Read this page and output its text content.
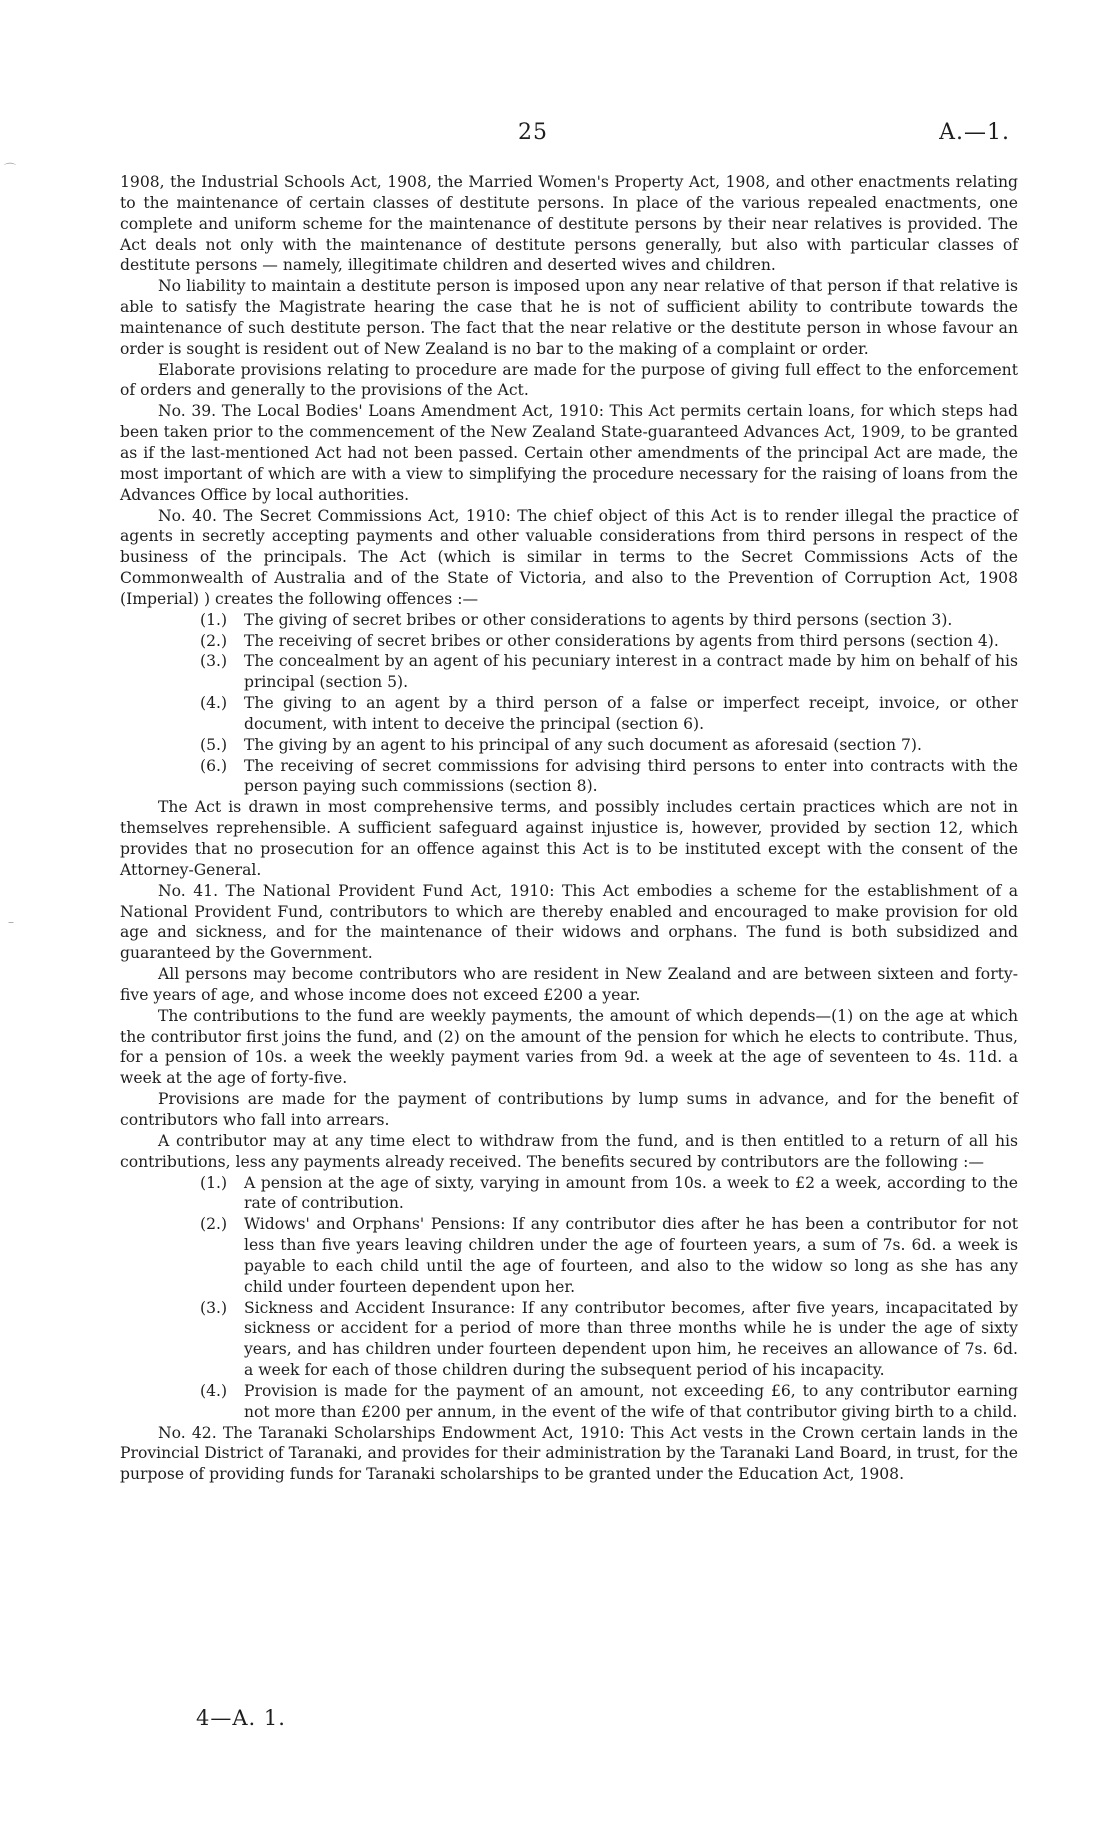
⌒
–
25	A.—1.

1908, the Industrial Schools Act, 1908, the Married Women's Property Act, 1908, and other enactments relating to the maintenance of certain classes of destitute persons. In place of the various repealed enactments, one complete and uniform scheme for the maintenance of destitute persons by their near relatives is provided. The Act deals not only with the maintenance of destitute persons generally, but also with particular classes of destitute persons — namely, illegitimate children and deserted wives and children.

No liability to maintain a destitute person is imposed upon any near relative of that person if that relative is able to satisfy the Magistrate hearing the case that he is not of sufficient ability to contribute towards the maintenance of such destitute person. The fact that the near relative or the destitute person in whose favour an order is sought is resident out of New Zealand is no bar to the making of a complaint or order.

Elaborate provisions relating to procedure are made for the purpose of giving full effect to the enforcement of orders and generally to the provisions of the Act.

No. 39. The Local Bodies' Loans Amendment Act, 1910: This Act permits certain loans, for which steps had been taken prior to the commencement of the New Zealand State-guaranteed Advances Act, 1909, to be granted as if the last-mentioned Act had not been passed. Certain other amendments of the principal Act are made, the most important of which are with a view to simplifying the procedure necessary for the raising of loans from the Advances Office by local authorities.

No. 40. The Secret Commissions Act, 1910: The chief object of this Act is to render illegal the practice of agents in secretly accepting payments and other valuable considerations from third persons in respect of the business of the principals. The Act (which is similar in terms to the Secret Commissions Acts of the Commonwealth of Australia and of the State of Victoria, and also to the Prevention of Corruption Act, 1908 (Imperial) ) creates the following offences :—

(1.) The giving of secret bribes or other considerations to agents by third persons (section 3).
(2.) The receiving of secret bribes or other considerations by agents from third persons (section 4).
(3.) The concealment by an agent of his pecuniary interest in a contract made by him on behalf of his principal (section 5).
(4.) The giving to an agent by a third person of a false or imperfect receipt, invoice, or other document, with intent to deceive the principal (section 6).
(5.) The giving by an agent to his principal of any such document as aforesaid (section 7).
(6.) The receiving of secret commissions for advising third persons to enter into contracts with the person paying such commissions (section 8).

The Act is drawn in most comprehensive terms, and possibly includes certain practices which are not in themselves reprehensible. A sufficient safeguard against injustice is, however, provided by section 12, which provides that no prosecution for an offence against this Act is to be instituted except with the consent of the Attorney-General.

No. 41. The National Provident Fund Act, 1910: This Act embodies a scheme for the establishment of a National Provident Fund, contributors to which are thereby enabled and encouraged to make provision for old age and sickness, and for the maintenance of their widows and orphans. The fund is both subsidized and guaranteed by the Government.

All persons may become contributors who are resident in New Zealand and are between sixteen and forty-five years of age, and whose income does not exceed £200 a year.

The contributions to the fund are weekly payments, the amount of which depends—(1) on the age at which the contributor first joins the fund, and (2) on the amount of the pension for which he elects to contribute. Thus, for a pension of 10s. a week the weekly payment varies from 9d. a week at the age of seventeen to 4s. 11d. a week at the age of forty-five.

Provisions are made for the payment of contributions by lump sums in advance, and for the benefit of contributors who fall into arrears.

A contributor may at any time elect to withdraw from the fund, and is then entitled to a return of all his contributions, less any payments already received. The benefits secured by contributors are the following :—

(1.) A pension at the age of sixty, varying in amount from 10s. a week to £2 a week, according to the rate of contribution.
(2.) Widows' and Orphans' Pensions: If any contributor dies after he has been a contributor for not less than five years leaving children under the age of fourteen years, a sum of 7s. 6d. a week is payable to each child until the age of fourteen, and also to the widow so long as she has any child under fourteen dependent upon her.
(3.) Sickness and Accident Insurance: If any contributor becomes, after five years, incapacitated by sickness or accident for a period of more than three months while he is under the age of sixty years, and has children under fourteen dependent upon him, he receives an allowance of 7s. 6d. a week for each of those children during the subsequent period of his incapacity.
(4.) Provision is made for the payment of an amount, not exceeding £6, to any contributor earning not more than £200 per annum, in the event of the wife of that contributor giving birth to a child.

No. 42. The Taranaki Scholarships Endowment Act, 1910: This Act vests in the Crown certain lands in the Provincial District of Taranaki, and provides for their administration by the Taranaki Land Board, in trust, for the purpose of providing funds for Taranaki scholarships to be granted under the Education Act, 1908.

4—A. 1.
